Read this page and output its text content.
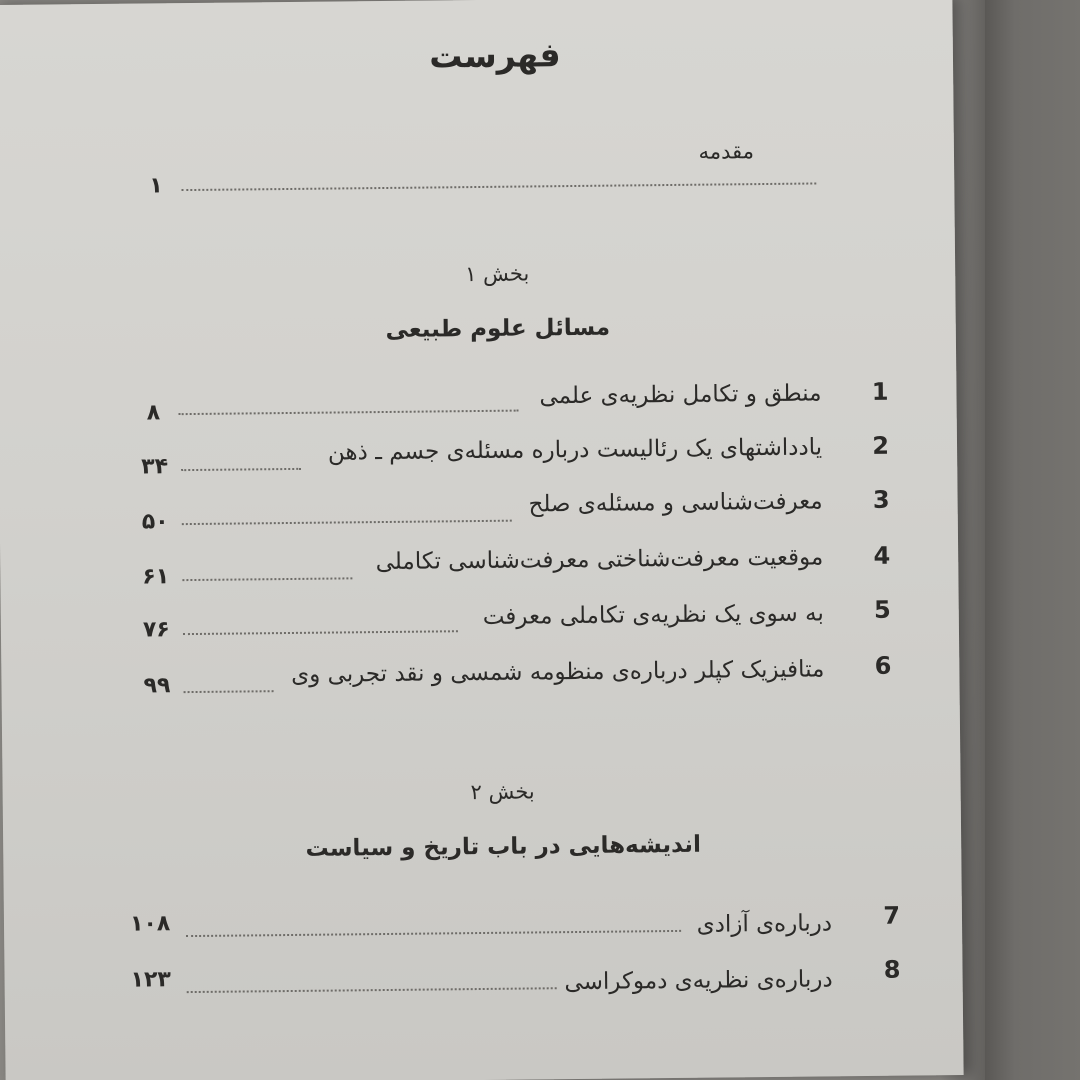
فهرست
مقدمه
۱
بخش ۱
مسائل علوم طبیعی
1
منطق و تکامل نظریه‌ی علمی
۸
2
یادداشتهای یک رئالیست درباره مسئله‌ی جسم ـ ذهن
۳۴
3
معرفت‌شناسی و مسئله‌ی صلح
۵۰
4
موقعیت معرفت‌شناختی معرفت‌شناسی تکاملی
۶۱
5
به سوی یک نظریه‌ی تکاملی معرفت
۷۶
6
متافیزیک کپلر درباره‌ی منظومه شمسی و نقد تجربی وی
۹۹
بخش ۲
اندیشه‌هایی در باب تاریخ و سیاست
7
درباره‌ی آزادی
۱۰۸
8
درباره‌ی نظریه‌ی دموکراسی
۱۲۳
